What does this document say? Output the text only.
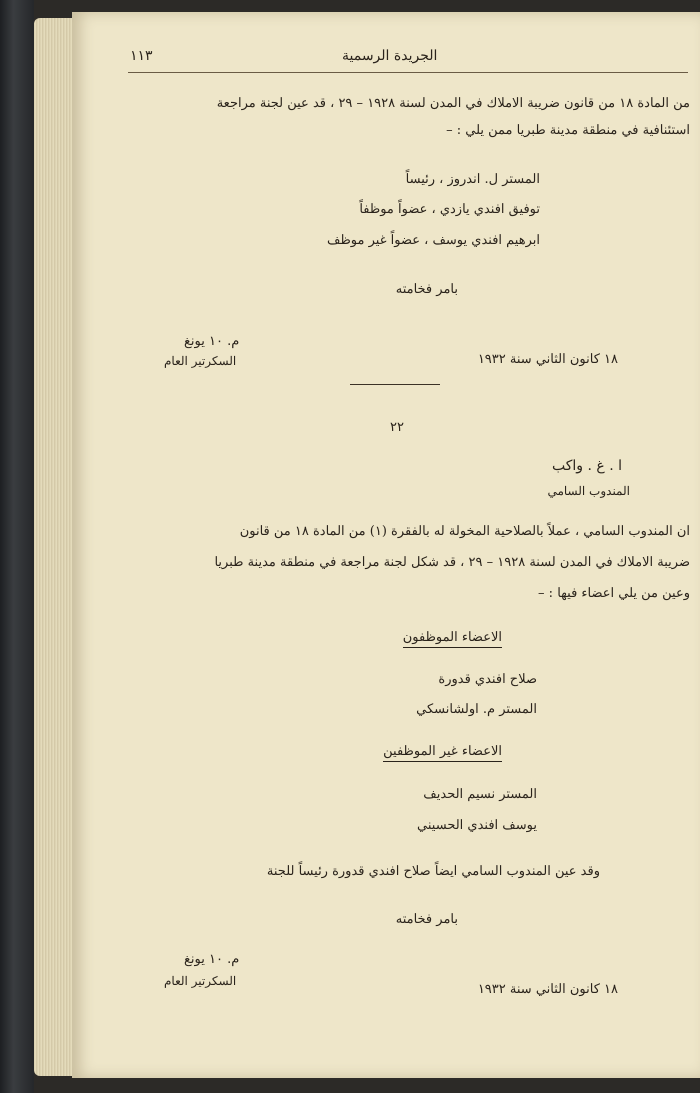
١١٣	الجريدة الرسمية
من المادة ١٨ من قانون ضريبة الاملاك في المدن لسنة ١٩٢٨ – ٢٩ ، قد عين لجنة مراجعة
استئنافية في منطقة مدينة طبريا ممن يلي : –
المستر ل. اندروز ، رئيساً
توفيق افندي يازدي ، عضواً موظفاً
ابرهيم افندي يوسف ، عضواً غير موظف
بامر فخامته
م. ١٠ يونغ
السكرتير العام	١٨ كانون الثاني سنة ١٩٣٢
٢٢
ا . غ . واكب
المندوب السامي
ان المندوب السامي ، عملاً بالصلاحية المخولة له بالفقرة (١) من المادة ١٨ من قانون
ضريبة الاملاك في المدن لسنة ١٩٢٨ – ٢٩ ، قد شكل لجنة مراجعة في منطقة مدينة طبريا
وعين من يلي اعضاء فيها : –
الاعضاء الموظفون
صلاح افندي قدورة
المستر م. اولشانسكي
الاعضاء غير الموظفين
المستر نسيم الحديف
يوسف افندي الحسيني
وقد عين المندوب السامي ايضاً صلاح افندي قدورة رئيساً للجنة
بامر فخامته
م. ١٠ يونغ
السكرتير العام
١٨ كانون الثاني سنة ١٩٣٢
